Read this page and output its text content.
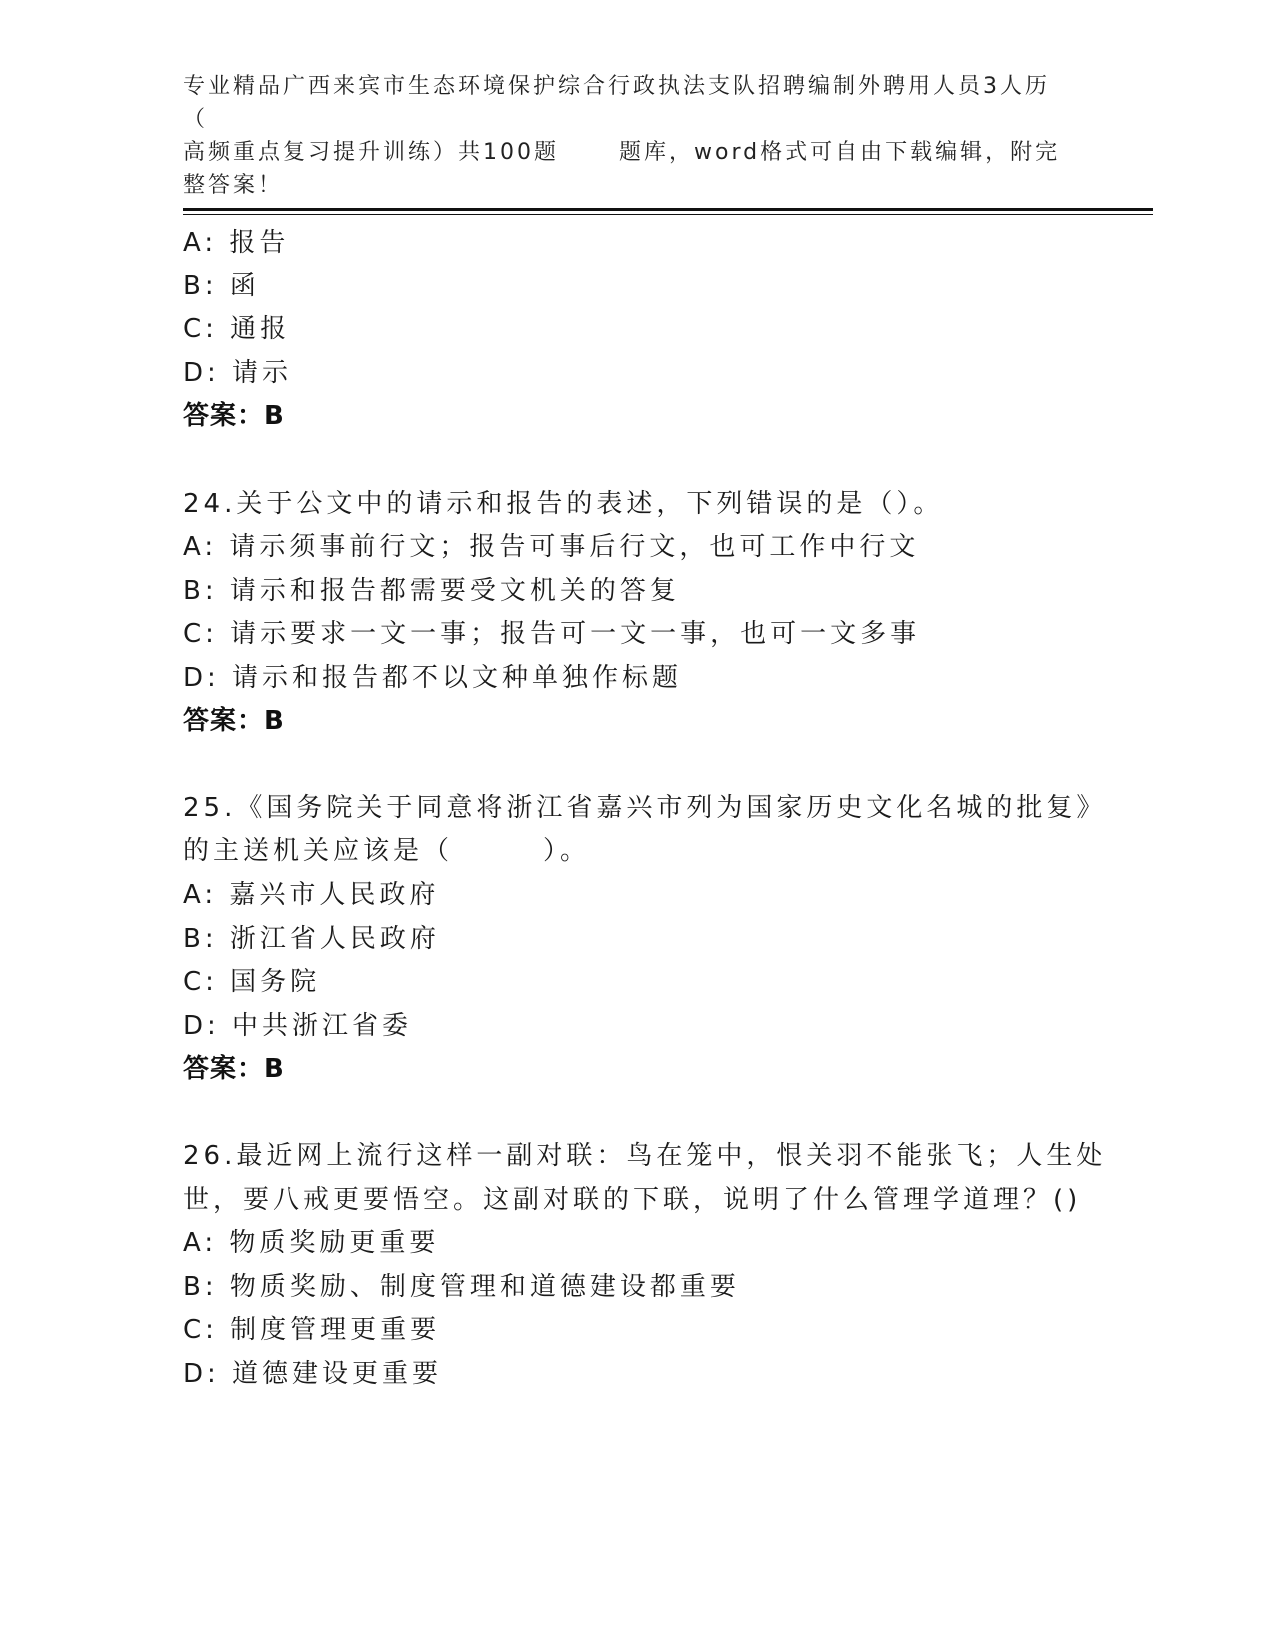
专业精品广西来宾市生态环境保护综合行政执法支队招聘编制外聘用人员3人历（
高频重点复习提升训练）共100题	题库，word格式可自由下载编辑，附完
整答案！
A: 报告
B: 函
C: 通报
D: 请示
答案：B
24.关于公文中的请示和报告的表述，下列错误的是（）。
A: 请示须事前行文；报告可事后行文，也可工作中行文
B: 请示和报告都需要受文机关的答复
C: 请示要求一文一事；报告可一文一事，也可一文多事
D: 请示和报告都不以文种单独作标题
答案：B
25.《国务院关于同意将浙江省嘉兴市列为国家历史文化名城的批复》
的主送机关应该是（	）。
A: 嘉兴市人民政府
B: 浙江省人民政府
C: 国务院
D: 中共浙江省委
答案：B
26.最近网上流行这样一副对联：鸟在笼中，恨关羽不能张飞；人生处
世，要八戒更要悟空。这副对联的下联，说明了什么管理学道理？()
A: 物质奖励更重要
B: 物质奖励、制度管理和道德建设都重要
C: 制度管理更重要
D: 道德建设更重要
